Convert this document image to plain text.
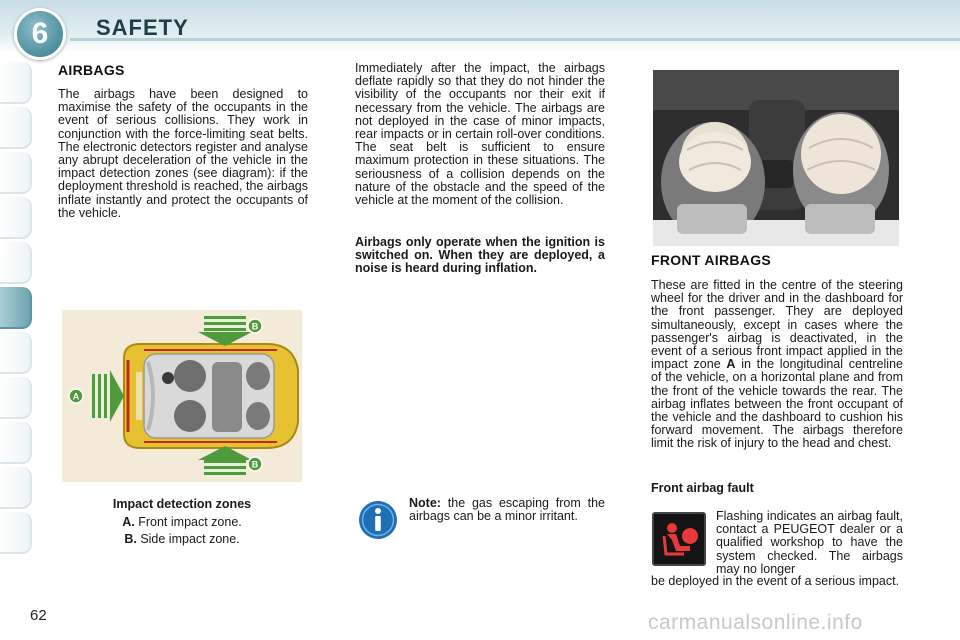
6	SAFETY
AIRBAGS
The airbags have been designed to maximise the safety of the occupants in the event of serious collisions. They work in conjunction with the force-limiting seat belts. The electronic detectors register and analyse any abrupt deceleration of the vehicle in the impact detection zones (see diagram): if the deployment threshold is reached, the airbags inflate instantly and protect the occupants of the vehicle.
Immediately after the impact, the airbags deflate rapidly so that they do not hinder the visibility of the occupants nor their exit if necessary from the vehicle. The airbags are not deployed in the case of minor impacts, rear impacts or in certain roll-over conditions. The seat belt is sufficient to ensure maximum protection in these situations. The seriousness of a collision depends on the nature of the obstacle and the speed of the vehicle at the moment of the collision.
Airbags only operate when the ignition is switched on. When they are deployed, a noise is heard during inflation.
A
B
B
Impact detection zones
A. Front impact zone.
B. Side impact zone.
Note: the gas escaping from the airbags can be a minor irritant.
FRONT AIRBAGS
These are fitted in the centre of the steering wheel for the driver and in the dashboard for the front passenger. They are deployed simultaneously, except in cases where the passenger's airbag is deactivated, in the event of a serious front impact applied in the impact zone A in the longitudinal centreline of the vehicle, on a horizontal plane and from the front of the vehicle towards the rear. The airbag inflates between the front occupant of the vehicle and the dashboard to cushion his forward movement. The airbags therefore limit the risk of injury to the head and chest.
Front airbag fault
Flashing indicates an airbag fault, contact a PEUGEOT dealer or a qualified workshop to have the system checked. The airbags may no longer
be deployed in the event of a serious impact.
62	carmanualsonline.info
